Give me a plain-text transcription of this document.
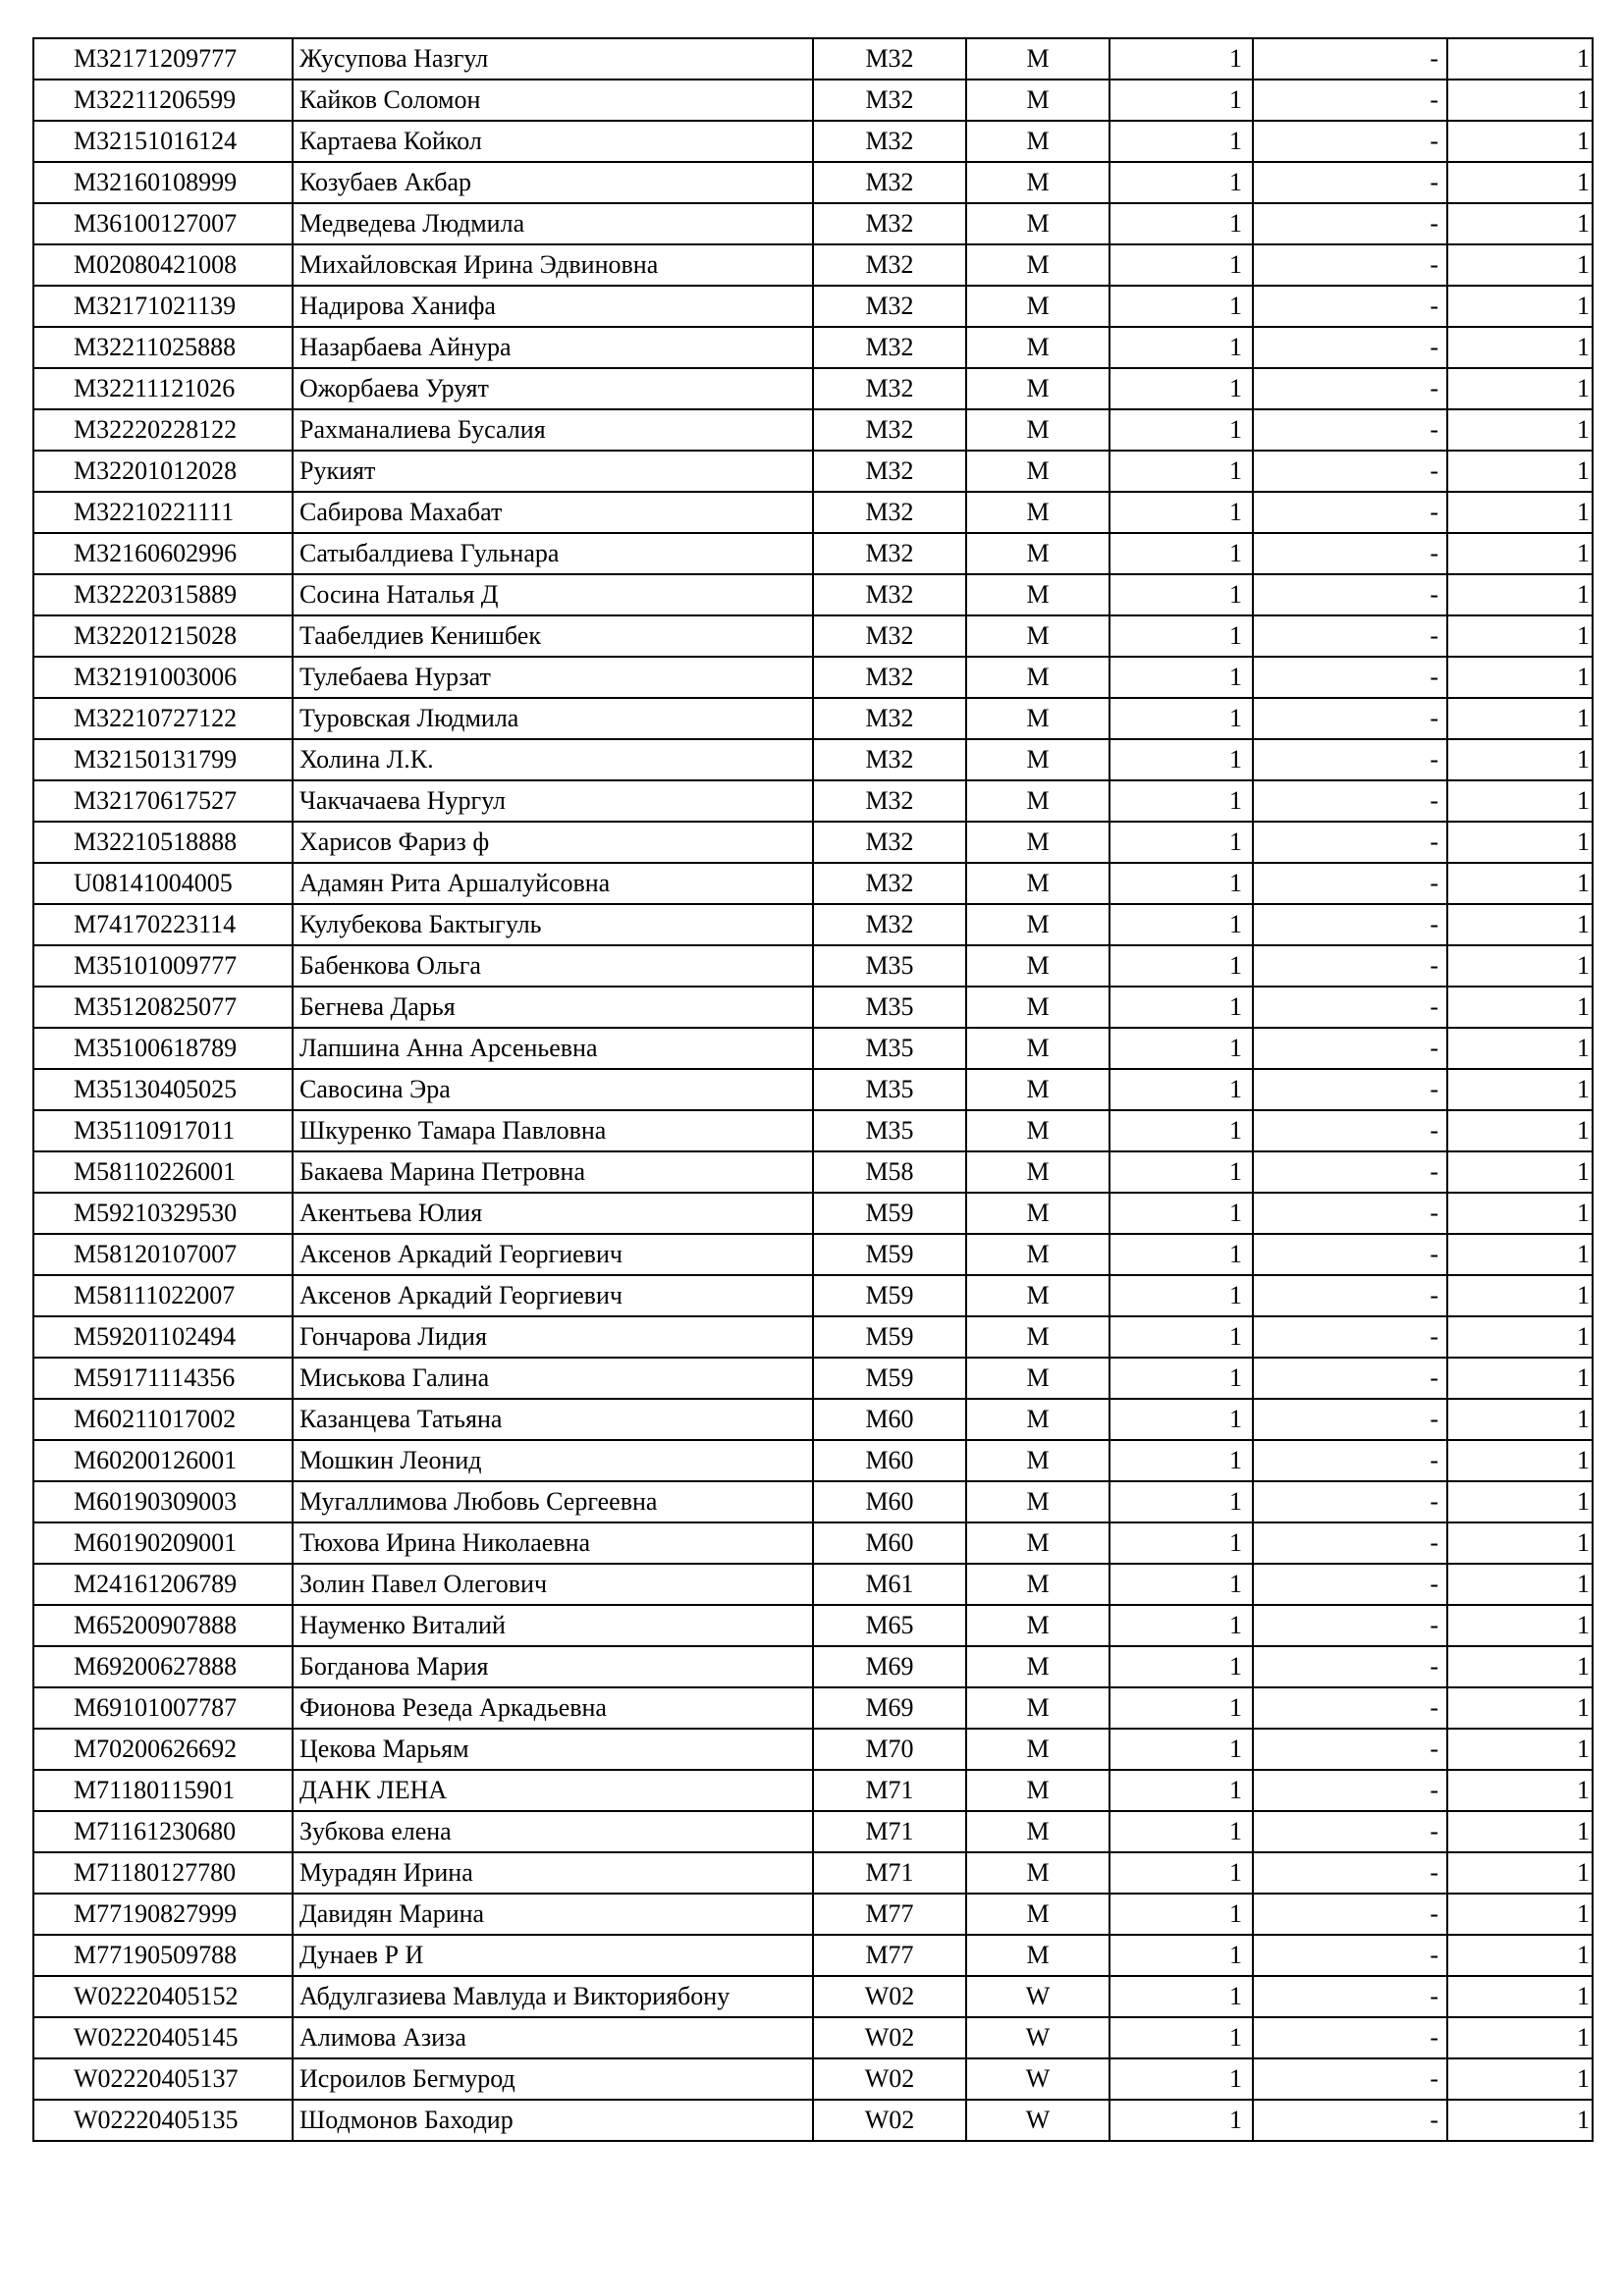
M32171209777	Жусупова Назгул	M32	M	1	-	1
M32211206599	Кайков Соломон	M32	M	1	-	1
M32151016124	Картаева Койкол	M32	M	1	-	1
M32160108999	Козубаев Акбар	M32	M	1	-	1
M36100127007	Медведева Людмила	M32	M	1	-	1
M02080421008	Михайловская Ирина Эдвиновна	M32	M	1	-	1
M32171021139	Надирова Ханифа	M32	M	1	-	1
M32211025888	Назарбаева Айнура	M32	M	1	-	1
M32211121026	Ожорбаева Уруят	M32	M	1	-	1
M32220228122	Рахманалиева Бусалия	M32	M	1	-	1
M32201012028	Рукият	M32	M	1	-	1
M32210221111	Сабирова Махабат	M32	M	1	-	1
M32160602996	Сатыбалдиева Гульнара	M32	M	1	-	1
M32220315889	Сосина Наталья Д	M32	M	1	-	1
M32201215028	Таабелдиев Кенишбек	M32	M	1	-	1
M32191003006	Тулебаева Нурзат	M32	M	1	-	1
M32210727122	Туровская Людмила	M32	M	1	-	1
M32150131799	Холина Л.К.	M32	M	1	-	1
M32170617527	Чакчачаева Нургул	M32	M	1	-	1
M32210518888	Харисов Фариз ф	M32	M	1	-	1
U08141004005	Адамян Рита Аршалуйсовна	M32	M	1	-	1
M74170223114	Кулубекова Бактыгуль	M32	M	1	-	1
M35101009777	Бабенкова Ольга	M35	M	1	-	1
M35120825077	Бегнева Дарья	M35	M	1	-	1
M35100618789	Лапшина Анна Арсеньевна	M35	M	1	-	1
M35130405025	Савосина Эра	M35	M	1	-	1
M35110917011	Шкуренко Тамара Павловна	M35	M	1	-	1
M58110226001	Бакаева Марина Петровна	M58	M	1	-	1
M59210329530	Акентьева Юлия	M59	M	1	-	1
M58120107007	Аксенов Аркадий Георгиевич	M59	M	1	-	1
M58111022007	Аксенов Аркадий Георгиевич	M59	M	1	-	1
M59201102494	Гончарова Лидия	M59	M	1	-	1
M59171114356	Миськова Галина	M59	M	1	-	1
M60211017002	Казанцева Татьяна	M60	M	1	-	1
M60200126001	Мошкин Леонид	M60	M	1	-	1
M60190309003	Мугаллимова Любовь Сергеевна	M60	M	1	-	1
M60190209001	Тюхова Ирина Николаевна	M60	M	1	-	1
M24161206789	Золин Павел Олегович	M61	M	1	-	1
M65200907888	Науменко Виталий	M65	M	1	-	1
M69200627888	Богданова Мария	M69	M	1	-	1
M69101007787	Фионова Резеда Аркадьевна	M69	M	1	-	1
M70200626692	Цекова Марьям	M70	M	1	-	1
M71180115901	ДАНК ЛЕНА	M71	M	1	-	1
M71161230680	Зубкова елена	M71	M	1	-	1
M71180127780	Мурадян Ирина	M71	M	1	-	1
M77190827999	Давидян Марина	M77	M	1	-	1
M77190509788	Дунаев Р И	M77	M	1	-	1
W02220405152	Абдулгазиева Мавлуда и Викториябону	W02	W	1	-	1
W02220405145	Алимова Азиза	W02	W	1	-	1
W02220405137	Исроилов Бегмурод	W02	W	1	-	1
W02220405135	Шодмонов Баходир	W02	W	1	-	1
